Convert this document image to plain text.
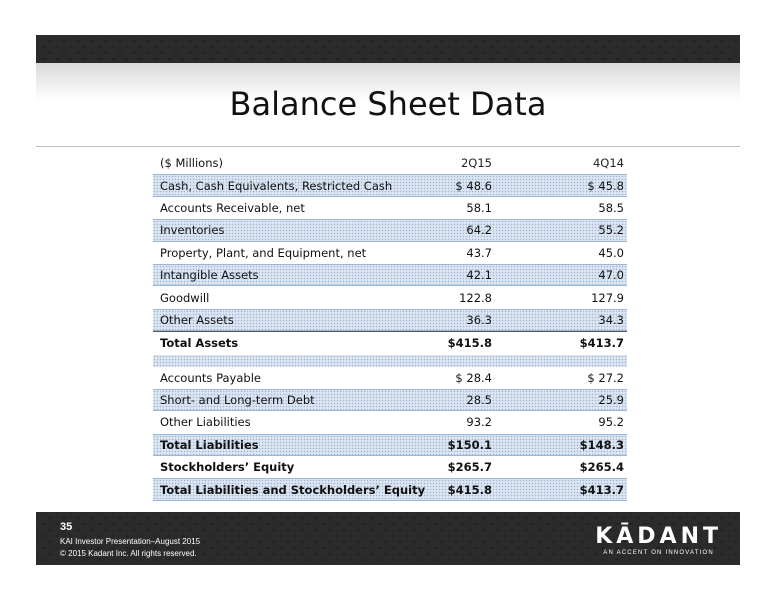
Balance Sheet Data
($ Millions)	2Q15	4Q14
Cash, Cash Equivalents, Restricted Cash	$ 48.6	$ 45.8
Accounts Receivable, net	58.1	58.5
Inventories	64.2	55.2
Property, Plant, and Equipment, net	43.7	45.0
Intangible Assets	42.1	47.0
Goodwill	122.8	127.9
Other Assets	36.3	34.3
Total Assets	$415.8	$413.7
Accounts Payable	$ 28.4	$ 27.2
Short- and Long-term Debt	28.5	25.9
Other Liabilities	93.2	95.2
Total Liabilities	$150.1	$148.3
Stockholders’ Equity	$265.7	$265.4
Total Liabilities and Stockholders’ Equity $415.8	$413.7
35
KAI Investor Presentation–August 2015
© 2015 Kadant Inc. All rights reserved.
KĀDANT
AN ACCENT ON INNOVATION
